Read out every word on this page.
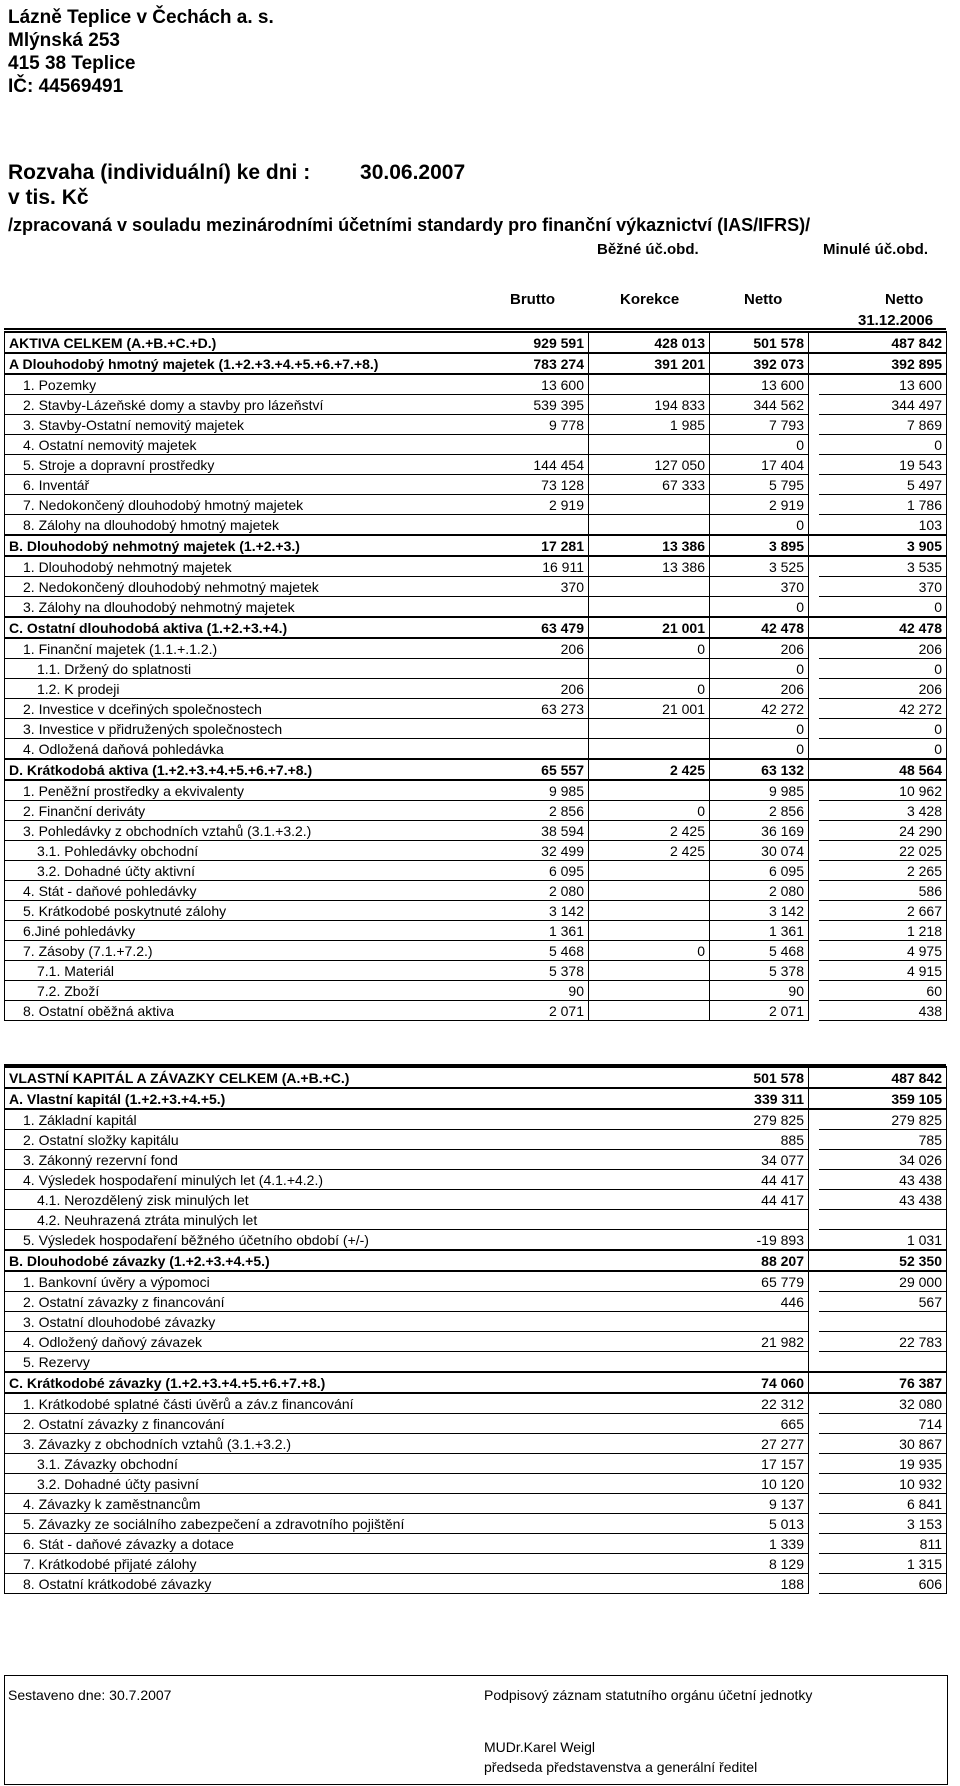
Lázně Teplice v Čechách a. s.
Mlýnská 253
415 38 Teplice
IČ: 44569491
Rozvaha (individuální) ke dni : 30.06.2007
v tis. Kč
/zpracovaná v souladu mezinárodními účetními standardy pro finanční výkaznictví (IAS/IFRS)/
Běžné úč.obd.	Minulé úč.obd.
Brutto	Korekce	Netto	Netto
31.12.2006
AKTIVA CELKEM (A.+B.+C.+D.)	929 591	428 013	501 578		487 842
A Dlouhodobý hmotný majetek (1.+2.+3.+4.+5.+6.+7.+8.)	783 274	391 201	392 073		392 895
1. Pozemky	13 600		13 600		13 600
2. Stavby-Lázeňské domy a stavby pro lázeňství	539 395	194 833	344 562		344 497
3. Stavby-Ostatní nemovitý majetek	9 778	1 985	7 793		7 869
4. Ostatní nemovitý majetek			0		0
5. Stroje a dopravní prostředky	144 454	127 050	17 404		19 543
6. Inventář	73 128	67 333	5 795		5 497
7. Nedokončený dlouhodobý hmotný majetek	2 919		2 919		1 786
8. Zálohy na dlouhodobý hmotný majetek			0		103
B. Dlouhodobý nehmotný majetek (1.+2.+3.)	17 281	13 386	3 895		3 905
1. Dlouhodobý nehmotný majetek	16 911	13 386	3 525		3 535
2. Nedokončený dlouhodobý nehmotný majetek	370		370		370
3. Zálohy na dlouhodobý nehmotný majetek			0		0
C. Ostatní dlouhodobá aktiva (1.+2.+3.+4.)	63 479	21 001	42 478		42 478
1. Finanční majetek (1.1.+.1.2.)	206	0	206		206
1.1. Držený do splatnosti			0		0
1.2. K prodeji	206	0	206		206
2. Investice v dceřiných společnostech	63 273	21 001	42 272		42 272
3. Investice v přidružených společnostech			0		0
4. Odložená daňová pohledávka			0		0
D. Krátkodobá aktiva (1.+2.+3.+4.+5.+6.+7.+8.)	65 557	2 425	63 132		48 564
1. Peněžní prostředky a ekvivalenty	9 985		9 985		10 962
2. Finanční deriváty	2 856	0	2 856		3 428
3. Pohledávky z obchodních vztahů (3.1.+3.2.)	38 594	2 425	36 169		24 290
3.1. Pohledávky obchodní	32 499	2 425	30 074		22 025
3.2. Dohadné účty aktivní	6 095		6 095		2 265
4. Stát - daňové pohledávky	2 080		2 080		586
5. Krátkodobé poskytnuté zálohy	3 142		3 142		2 667
6.Jiné pohledávky	1 361		1 361		1 218
7. Zásoby (7.1.+7.2.)	5 468	0	5 468		4 975
7.1. Materiál	5 378		5 378		4 915
7.2. Zboží	90		90		60
8. Ostatní oběžná aktiva	2 071		2 071		438
VLASTNÍ KAPITÁL A ZÁVAZKY CELKEM (A.+B.+C.)	501 578		487 842
A. Vlastní kapitál (1.+2.+3.+4.+5.)	339 311		359 105
1. Základní kapitál	279 825		279 825
2. Ostatní složky kapitálu	885		785
3. Zákonný rezervní fond	34 077		34 026
4. Výsledek hospodaření minulých let (4.1.+4.2.)	44 417		43 438
4.1. Nerozdělený zisk minulých let	44 417		43 438
4.2. Neuhrazená ztráta minulých let			
5. Výsledek hospodaření běžného účetního období (+/-)	-19 893		1 031
B. Dlouhodobé závazky (1.+2.+3.+4.+5.)	88 207		52 350
1. Bankovní úvěry a výpomoci	65 779		29 000
2. Ostatní závazky z financování	446		567
3. Ostatní dlouhodobé závazky			
4. Odložený daňový závazek	21 982		22 783
5. Rezervy			
C. Krátkodobé závazky (1.+2.+3.+4.+5.+6.+7.+8.)	74 060		76 387
1. Krátkodobé splatné části úvěrů a záv.z financování	22 312		32 080
2. Ostatní závazky z financování	665		714
3. Závazky z obchodních vztahů (3.1.+3.2.)	27 277		30 867
3.1. Závazky obchodní	17 157		19 935
3.2. Dohadné účty pasivní	10 120		10 932
4. Závazky k zaměstnancům	9 137		6 841
5. Závazky ze sociálního zabezpečení a zdravotního pojištění	5 013		3 153
6. Stát - daňové závazky a dotace	1 339		811
7. Krátkodobé přijaté zálohy	8 129		1 315
8. Ostatní krátkodobé závazky	188		606
Sestaveno dne: 30.7.2007	Podpisový záznam statutního orgánu účetní jednotky
MUDr.Karel Weigl
předseda představenstva a generální ředitel
